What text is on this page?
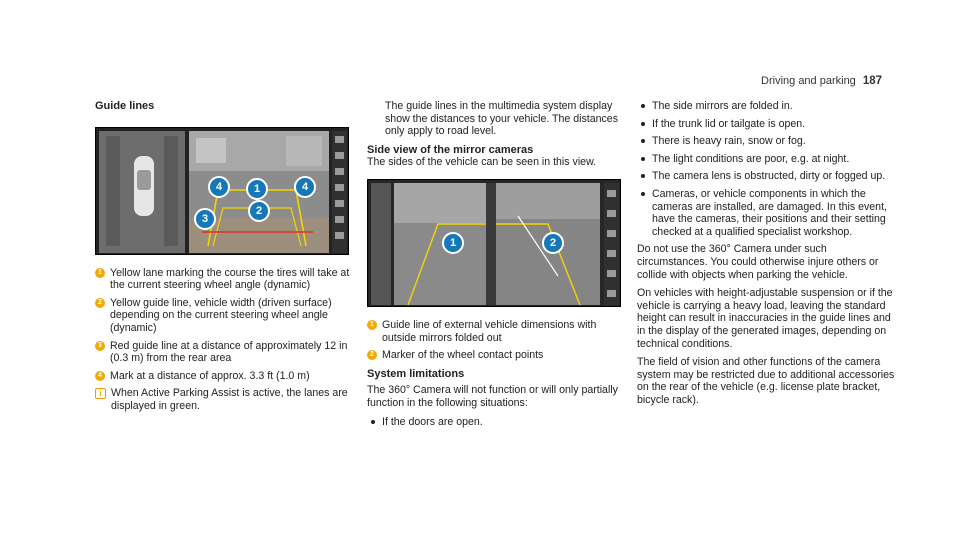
Driving and parking 187
Guide lines
4	1	4
3
2
1 Yellow lane marking the course the tires will take at the current steering wheel angle (dynamic)
2 Yellow guide line, vehicle width (driven surface) depending on the current steering wheel angle (dynamic)
3 Red guide line at a distance of approximately 12 in (0.3 m) from the rear area
4 Mark at a distance of approx. 3.3 ft (1.0 m)
i When Active Parking Assist is active, the lanes are displayed in green.

The guide lines in the multimedia system display show the distances to your vehicle. The distances only apply to road level.

Side view of the mirror cameras

The sides of the vehicle can be seen in this view.

1	2
1 Guide line of external vehicle dimensions with outside mirrors folded out
2 Marker of the wheel contact points
System limitations

The 360° Camera will not function or will only partially function in the following situations:

If the doors are open.
The side mirrors are folded in.
If the trunk lid or tailgate is open.
There is heavy rain, snow or fog.
The light conditions are poor, e.g. at night.
The camera lens is obstructed, dirty or fogged up.
Cameras, or vehicle components in which the cameras are installed, are damaged. In this event, have the cameras, their positions and their setting checked at a qualified specialist workshop.

Do not use the 360° Camera under such circumstances. You could otherwise injure others or collide with objects when parking the vehicle.

On vehicles with height-adjustable suspension or if the vehicle is carrying a heavy load, leaving the standard height can result in inaccuracies in the guide lines and in the display of the generated images, depending on technical conditions.

The field of vision and other functions of the camera system may be restricted due to additional accessories on the rear of the vehicle (e.g. license plate bracket, bicycle rack).
